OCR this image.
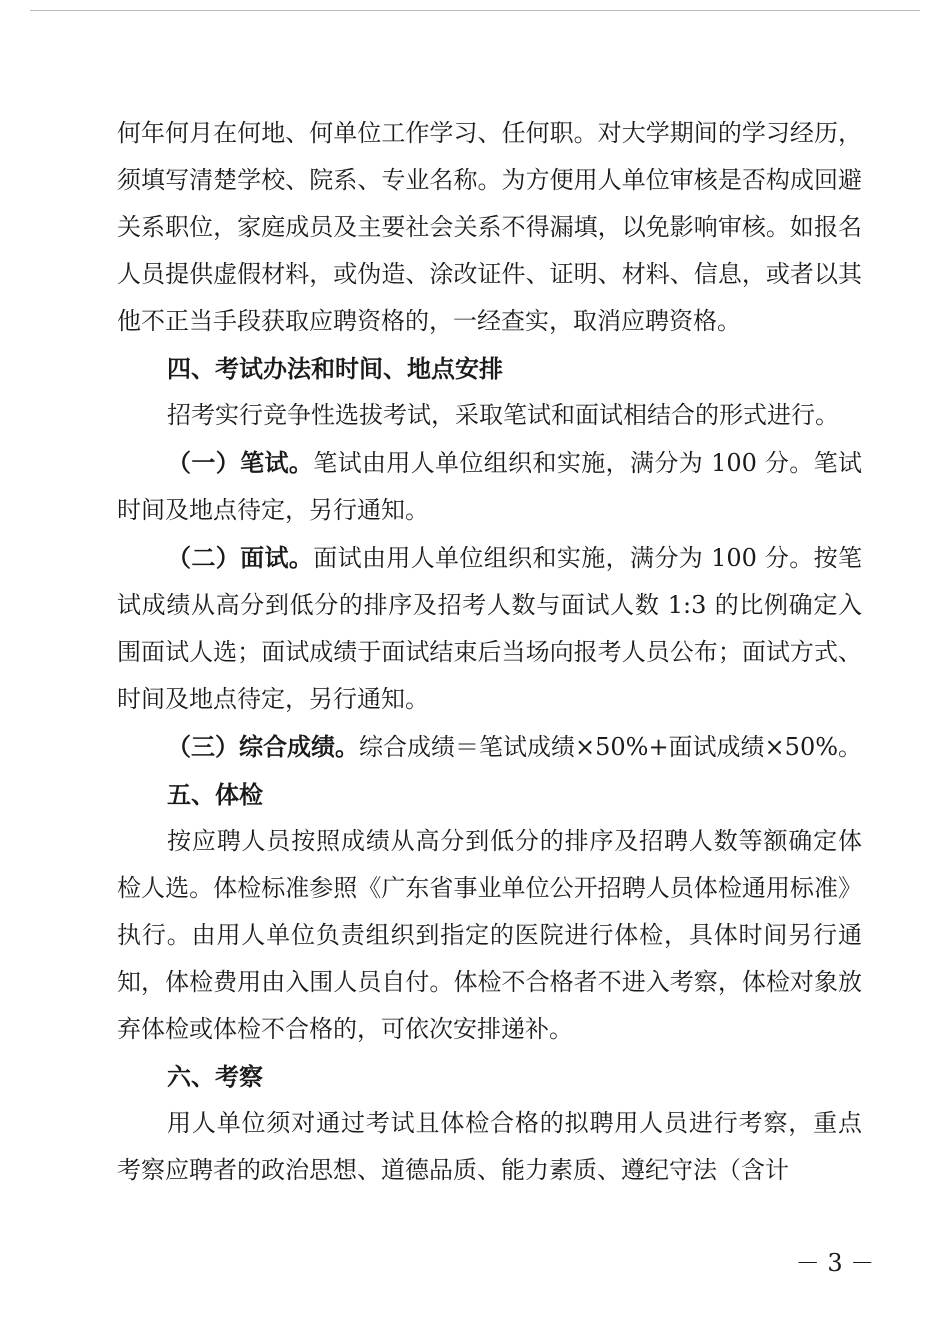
何年何月在何地、何单位工作学习、任何职。对大学期间的学习经历，须填写清楚学校、院系、专业名称。为方便用人单位审核是否构成回避关系职位，家庭成员及主要社会关系不得漏填，以免影响审核。如报名人员提供虚假材料，或伪造、涂改证件、证明、材料、信息，或者以其他不正当手段获取应聘资格的，一经查实，取消应聘资格。

四、考试办法和时间、地点安排

招考实行竞争性选拔考试，采取笔试和面试相结合的形式进行。

（一）笔试。笔试由用人单位组织和实施，满分为 100 分。笔试时间及地点待定，另行通知。

（二）面试。面试由用人单位组织和实施，满分为 100 分。按笔试成绩从高分到低分的排序及招考人数与面试人数 1:3 的比例确定入围面试人选；面试成绩于面试结束后当场向报考人员公布；面试方式、时间及地点待定，另行通知。

（三）综合成绩。综合成绩＝笔试成绩×50%+面试成绩×50%。

五、体检

按应聘人员按照成绩从高分到低分的排序及招聘人数等额确定体检人选。体检标准参照《广东省事业单位公开招聘人员体检通用标准》执行。由用人单位负责组织到指定的医院进行体检，具体时间另行通知，体检费用由入围人员自付。体检不合格者不进入考察，体检对象放弃体检或体检不合格的，可依次安排递补。

六、考察

用人单位须对通过考试且体检合格的拟聘用人员进行考察，重点考察应聘者的政治思想、道德品质、能力素质、遵纪守法（含计

－ 3 －
